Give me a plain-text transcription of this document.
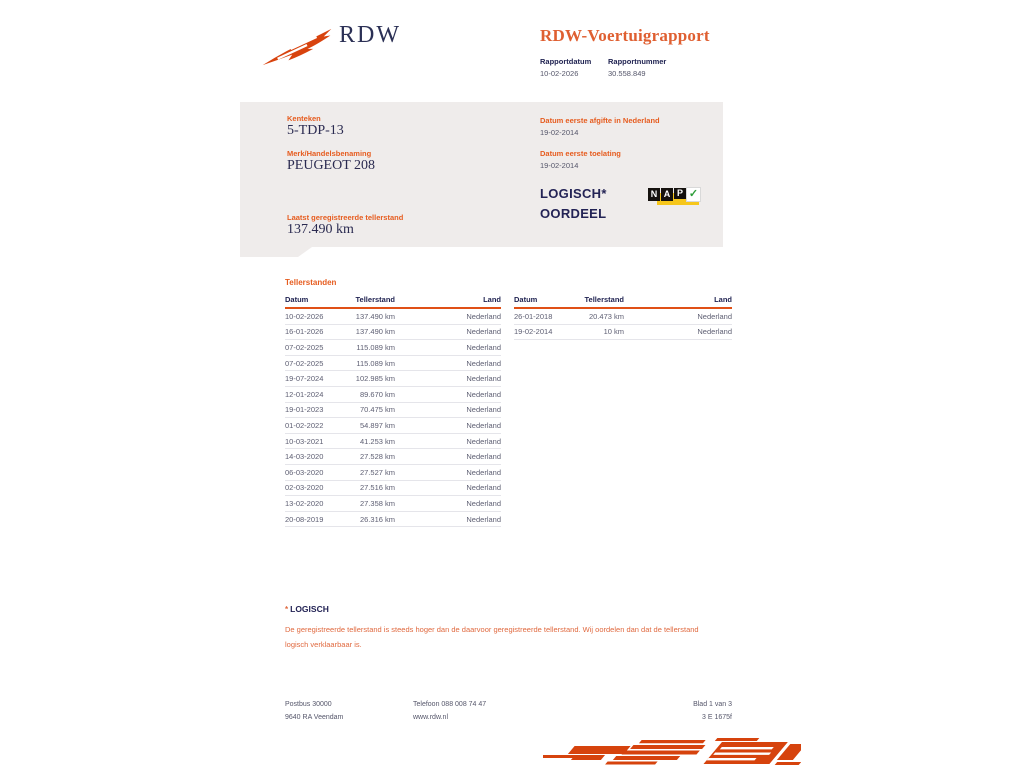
RDW	RDW-Voertuigrapport
Rapportdatum Rapportnummer
10-02-2026	30.558.849
Kenteken
5-TDP-13
Merk/Handelsbenaming
PEUGEOT 208
Laatst geregistreerde tellerstand
137.490 km
Datum eerste afgifte in Nederland
19-02-2014
Datum eerste toelating
19-02-2014
LOGISCH*
OORDEEL
N A P ✓
Tellerstanden
Datum	Tellerstand	Land
10-02-2026	137.490 km	Nederland
16-01-2026	137.490 km	Nederland
07-02-2025	115.089 km	Nederland
07-02-2025	115.089 km	Nederland
19-07-2024	102.985 km	Nederland
12-01-2024	89.670 km	Nederland
19-01-2023	70.475 km	Nederland
01-02-2022	54.897 km	Nederland
10-03-2021	41.253 km	Nederland
14-03-2020	27.528 km	Nederland
06-03-2020	27.527 km	Nederland
02-03-2020	27.516 km	Nederland
13-02-2020	27.358 km	Nederland
20-08-2019	26.316 km	Nederland
Datum	Tellerstand	Land
26-01-2018	20.473 km	Nederland
19-02-2014	10 km	Nederland
* LOGISCH
De geregistreerde tellerstand is steeds hoger dan de daarvoor geregistreerde tellerstand. Wij oordelen dan dat de tellerstand logisch verklaarbaar is.
Postbus 30000	Telefoon 088 008 74 47	Blad 1 van 3
9640 RA Veendam	www.rdw.nl	3 E 1675f
